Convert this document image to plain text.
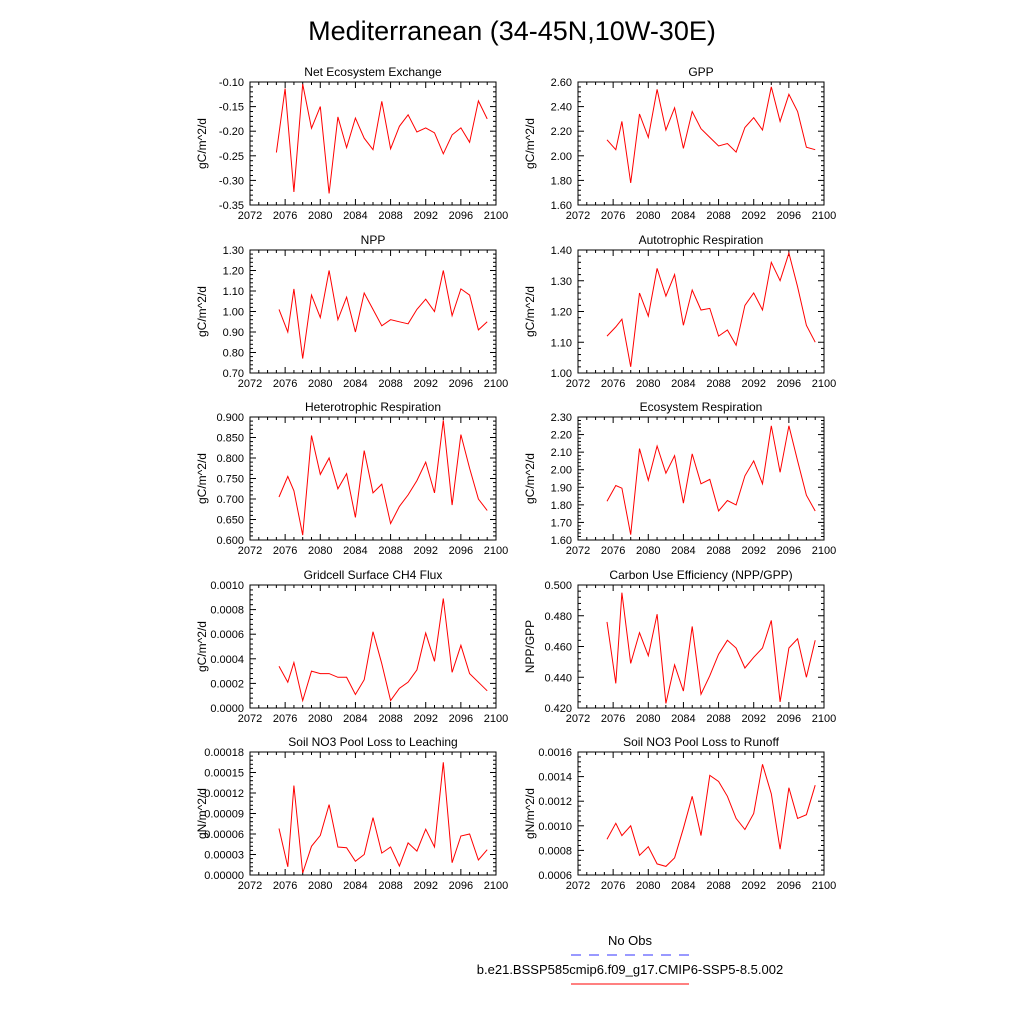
Mediterranean (34-45N,10W-30E)
Net Ecosystem Exchange
2072 2076 2080 2084 2088 2092 2096 2100
-0.35
-0.30
-0.25
-0.20
-0.15
-0.10
gC/m^2/d
GPP
2072 2076 2080 2084 2088 2092 2096 2100
1.60
1.80
2.00
2.20
2.40
2.60
gC/m^2/d
NPP
2072 2076 2080 2084 2088 2092 2096 2100
0.70
0.80
0.90
1.00
1.10
1.20
1.30
gC/m^2/d
Autotrophic Respiration
2072 2076 2080 2084 2088 2092 2096 2100
1.00
1.10
1.20
1.30
1.40
gC/m^2/d
Heterotrophic Respiration
2072 2076 2080 2084 2088 2092 2096 2100
0.600
0.650
0.700
0.750
0.800
0.850
0.900
gC/m^2/d
Ecosystem Respiration
2072 2076 2080 2084 2088 2092 2096 2100
1.60
1.70
1.80
1.90
2.00
2.10
2.20
2.30
gC/m^2/d
Gridcell Surface CH4 Flux
2072 2076 2080 2084 2088 2092 2096 2100
0.0000
0.0002
0.0004
0.0006
0.0008
0.0010
gC/m^2/d
Carbon Use Efficiency (NPP/GPP)
2072 2076 2080 2084 2088 2092 2096 2100
0.420
0.440
0.460
0.480
0.500
NPP/GPP
Soil NO3 Pool Loss to Leaching
2072 2076 2080 2084 2088 2092 2096 2100
0.00000
0.00003
0.00006
0.00009
0.00012
0.00015
0.00018
gN/m^2/d
Soil NO3 Pool Loss to Runoff
2072 2076 2080 2084 2088 2092 2096 2100
0.0006
0.0008
0.0010
0.0012
0.0014
0.0016
gN/m^2/d
No Obs
b.e21.BSSP585cmip6.f09_g17.CMIP6-SSP5-8.5.002
